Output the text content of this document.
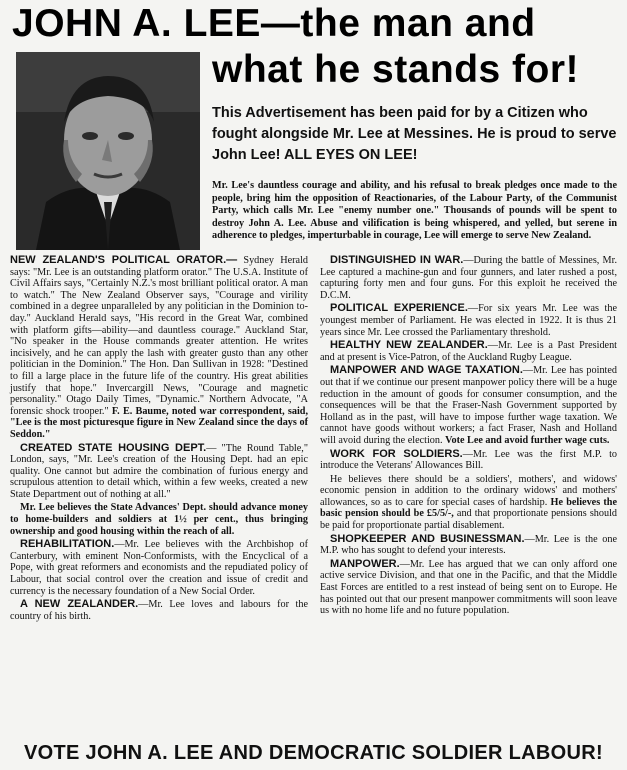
JOHN A. LEE—the man and
what he stands for!
This Advertisement has been paid for by a Citizen who fought alongside Mr. Lee at Messines. He is proud to serve John Lee! ALL EYES ON LEE!
Mr. Lee's dauntless courage and ability, and his refusal to break pledges once made to the people, bring him the opposition of Reactionaries, of the Labour Party, of the Communist Party, which calls Mr. Lee "enemy number one." Thousands of pounds will be spent to destroy John A. Lee. Abuse and vilification is being whispered, and yelled, but serene in adherence to pledges, imperturbable in courage, Lee will emerge to serve New Zealand.

NEW ZEALAND'S POLITICAL ORATOR.— Sydney Herald says: "Mr. Lee is an outstanding platform orator." The U.S.A. Institute of Civil Affairs says, "Certainly N.Z.'s most brilliant political orator. A man to watch." The New Zealand Observer says, "Courage and virility combined in a degree unparalleled by any politician in the Dominion to-day." Auckland Herald says, "His record in the Great War, combined with platform gifts—ability—and dauntless courage." Auckland Star, "No speaker in the House commands greater attention. He writes incisively, and he can apply the lash with greater gusto than any other politician in the Dominion." The Hon. Dan Sullivan in 1928: "Destined to fill a large place in the future life of the country. His great abilities justify that hope." Invercargill News, "Courage and magnetic personality." Otago Daily Times, "Dynamic." Northern Advocate, "A forensic shock trooper." F. E. Baume, noted war correspondent, said, "Lee is the most picturesque figure in New Zealand since the days of Seddon."

CREATED STATE HOUSING DEPT.— "The Round Table," London, says, "Mr. Lee's creation of the Housing Dept. had an epic quality. One cannot but admire the combination of furious energy and scrupulous attention to detail which, within a few weeks, created a new State Department out of nothing at all."

Mr. Lee believes the State Advances' Dept. should advance money to home-builders and soldiers at 1½ per cent., thus bringing ownership and good housing within the reach of all.

REHABILITATION.—Mr. Lee believes with the Archbishop of Canterbury, with eminent Non-Conformists, with the Encyclical of a Pope, with great reformers and economists and the repudiated policy of Labour, that social control over the creation and issue of credit and currency is the necessary foundation of a New Social Order.

A NEW ZEALANDER.—Mr. Lee loves and labours for the country of his birth.

DISTINGUISHED IN WAR.—During the battle of Messines, Mr. Lee captured a machine-gun and four gunners, and later rushed a post, capturing forty men and four guns. For this exploit he received the D.C.M.

POLITICAL EXPERIENCE.—For six years Mr. Lee was the youngest member of Parliament. He was elected in 1922. It is thus 21 years since Mr. Lee crossed the Parliamentary threshold.

HEALTHY NEW ZEALANDER.—Mr. Lee is a Past President and at present is Vice-Patron, of the Auckland Rugby League.

MANPOWER AND WAGE TAXATION.—Mr. Lee has pointed out that if we continue our present manpower policy there will be a huge reduction in the amount of goods for consumer consumption, and the consequences will be that the Fraser-Nash Government supported by Holland as in the past, will have to impose further wage taxation. We cannot have goods without workers; a fact Fraser, Nash and Holland will avoid during the election. Vote Lee and avoid further wage cuts.

WORK FOR SOLDIERS.—Mr. Lee was the first M.P. to introduce the Veterans' Allowances Bill.

He believes there should be a soldiers', mothers', and widows' economic pension in addition to the ordinary widows' and mothers' allowances, so as to care for special cases of hardship. He believes the basic pension should be £5/5/-, and that proportionate pensions should be paid for proportionate partial disablement.

SHOPKEEPER AND BUSINESSMAN.—Mr. Lee is the one M.P. who has sought to defend your interests.

MANPOWER.—Mr. Lee has argued that we can only afford one active service Division, and that one in the Pacific, and that the Middle East Forces are entitled to a rest instead of being sent on to Europe. He has pointed out that our present manpower commitments will soon leave us with no home life and no future population.

VOTE JOHN A. LEE AND DEMOCRATIC SOLDIER LABOUR!
